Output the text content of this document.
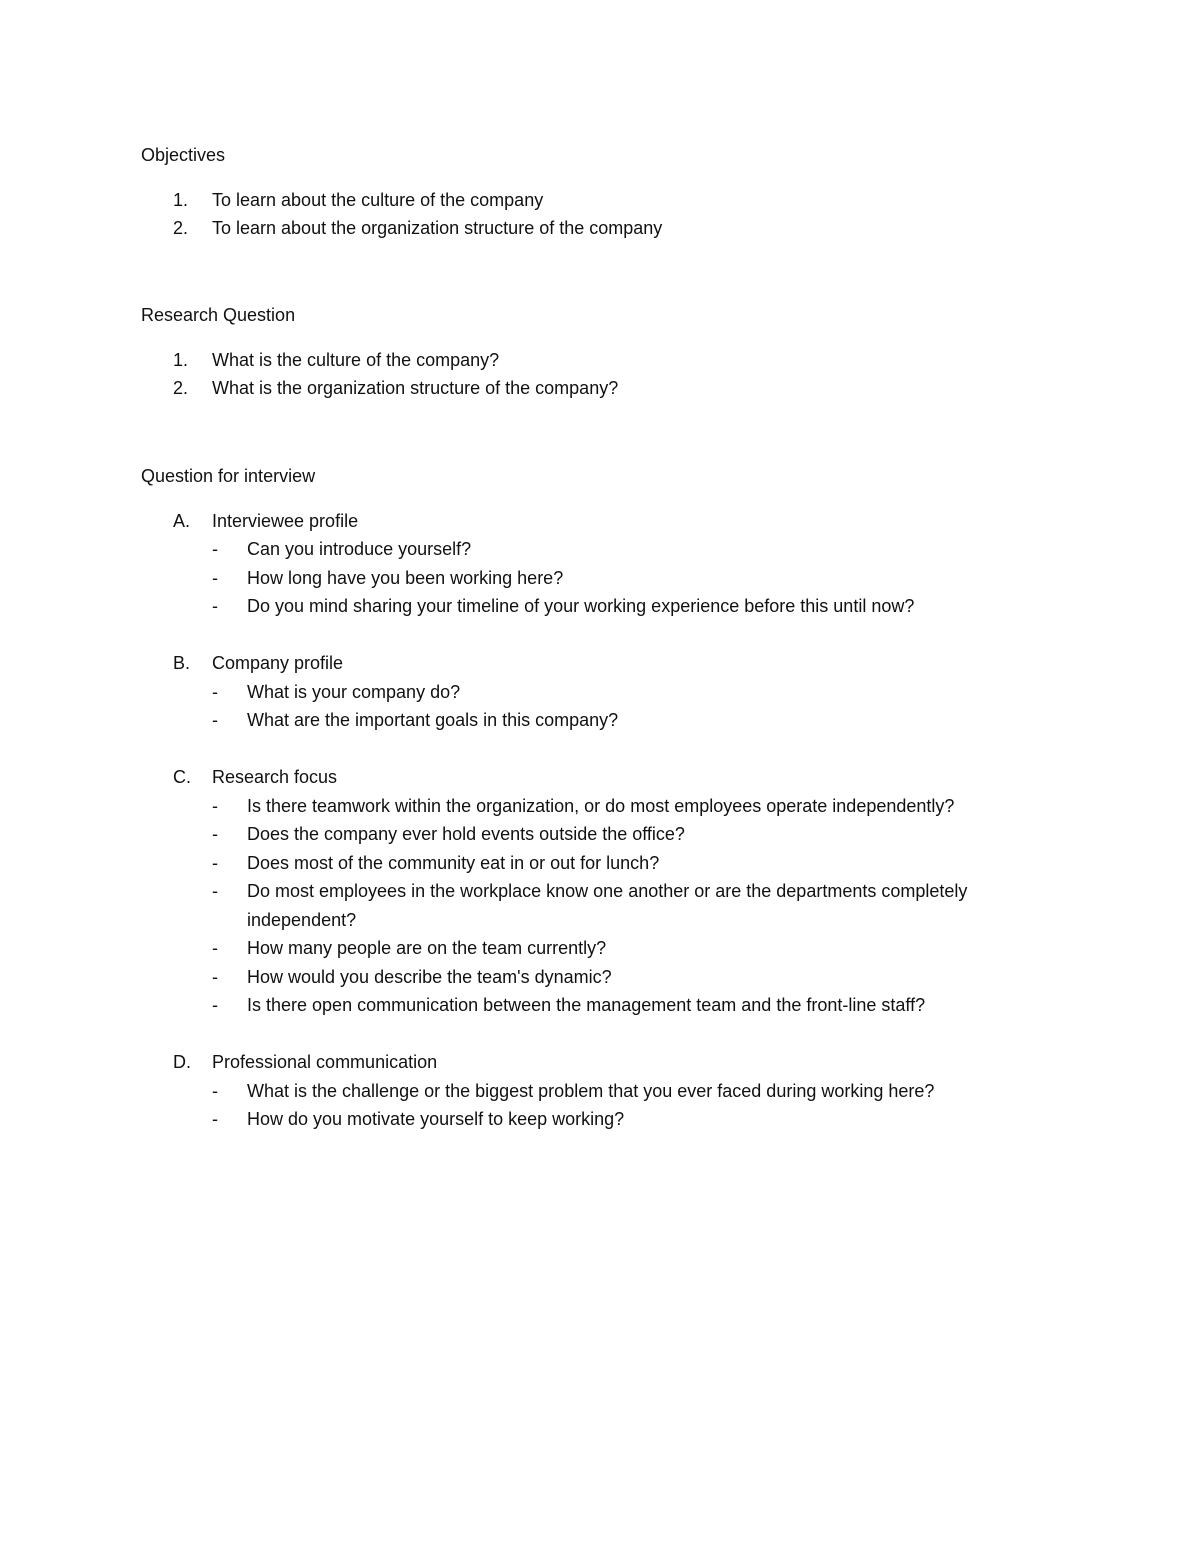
Objectives
1. To learn about the culture of the company
2. To learn about the organization structure of the company
Research Question
1. What is the culture of the company?
2. What is the organization structure of the company?
Question for interview
A. Interviewee profile
- Can you introduce yourself?
- How long have you been working here?
- Do you mind sharing your timeline of your working experience before this until now?
B. Company profile
- What is your company do?
- What are the important goals in this company?
C. Research focus
- Is there teamwork within the organization, or do most employees operate independently?
- Does the company ever hold events outside the office?
- Does most of the community eat in or out for lunch?
- Do most employees in the workplace know one another or are the departments completely independent?
- How many people are on the team currently?
- How would you describe the team's dynamic?
- Is there open communication between the management team and the front-line staff?
D. Professional communication
- What is the challenge or the biggest problem that you ever faced during working here?
- How do you motivate yourself to keep working?
